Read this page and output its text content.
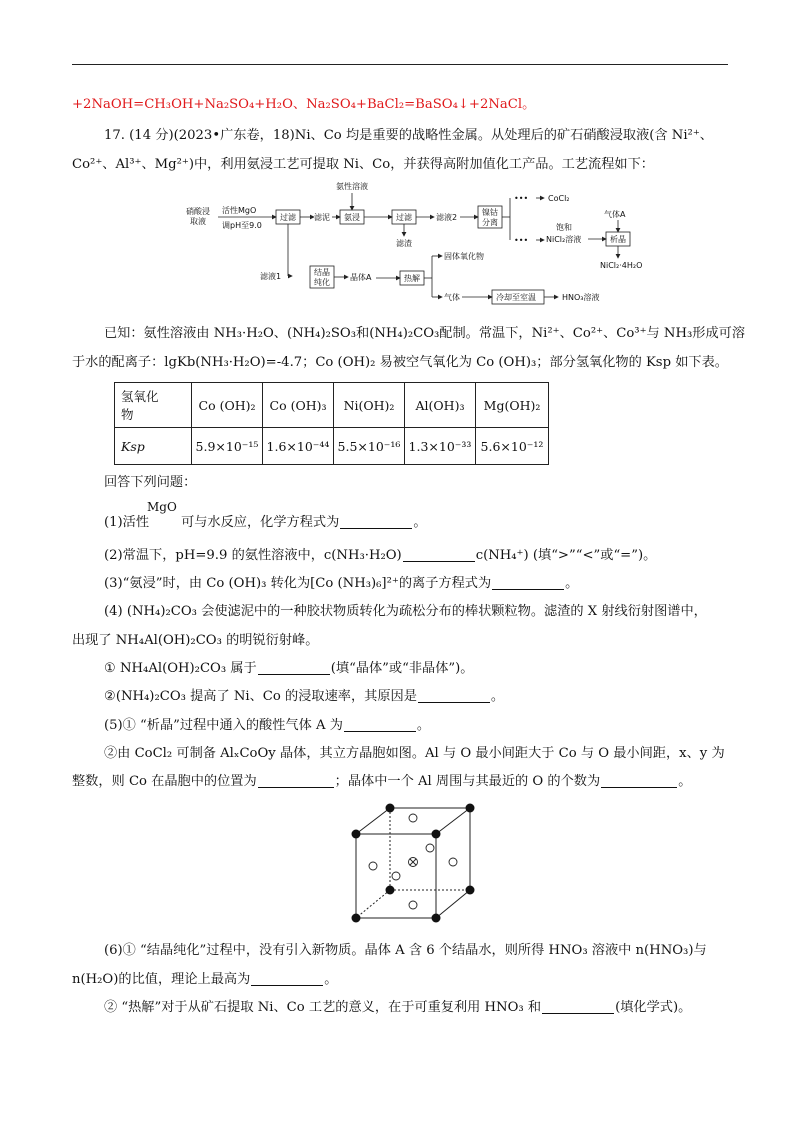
+2NaOH=CH₃OH+Na₂SO₄+H₂O、Na₂SO₄+BaCl₂=BaSO₄↓+2NaCl。
17. (14 分)(2023•广东卷，18)Ni、Co 均是重要的战略性金属。从处理后的矿石硝酸浸取液(含 Ni²⁺、
Co²⁺、Al³⁺、Mg²⁺)中，利用氨浸工艺可提取 Ni、Co，并获得高附加值化工产品。工艺流程如下：
硝酸浸
取液
活性MgO
调pH至9.0
过滤 滤泥
氨性溶液
氨浸	过滤	滤液2
镍钴
分离
•••
•••
CoCl₂
饱和
NiCl₂溶液
气体A
析晶
NiCl₂·4H₂O
滤渣
滤液1	结晶
纯化
晶体A	热解
固体氧化物
气体	冷却至室温	HNO₃溶液
已知：氨性溶液由 NH₃·H₂O、(NH₄)₂SO₃和(NH₄)₂CO₃配制。常温下，Ni²⁺、Co²⁺、Co³⁺与 NH₃形成可溶
于水的配离子：lgKb(NH₃·H₂O)=-4.7；Co (OH)₂ 易被空气氧化为 Co (OH)₃；部分氢氧化物的 Ksp 如下表。
氢氧化
物	Co (OH)₂	Co (OH)₃	Ni(OH)₂	Al(OH)₃	Mg(OH)₂
Ksp	5.9×10⁻¹⁵	1.6×10⁻⁴⁴	5.5×10⁻¹⁶	1.3×10⁻³³	5.6×10⁻¹²
回答下列问题：
MgO
(1)活性 可与水反应，化学方程式为	。
(2)常温下，pH=9.9 的氨性溶液中，c(NH₃·H₂O)	c(NH₄⁺) (填“>”“<”或“=”)。
(3)“氨浸”时，由 Co (OH)₃ 转化为[Co (NH₃)₆]²⁺的离子方程式为	。
(4) (NH₄)₂CO₃ 会使滤泥中的一种胶状物质转化为疏松分布的棒状颗粒物。滤渣的 X 射线衍射图谱中，
出现了 NH₄Al(OH)₂CO₃ 的明锐衍射峰。
① NH₄Al(OH)₂CO₃ 属于	(填“晶体”或“非晶体”)。
②(NH₄)₂CO₃ 提高了 Ni、Co 的浸取速率，其原因是	。
(5)① “析晶”过程中通入的酸性气体 A 为	。
②由 CoCl₂ 可制备 AlₓCoOy 晶体，其立方晶胞如图。Al 与 O 最小间距大于 Co 与 O 最小间距，x、y 为
整数，则 Co 在晶胞中的位置为	；晶体中一个 Al 周围与其最近的 O 的个数为	。
(6)① “结晶纯化”过程中，没有引入新物质。晶体 A 含 6 个结晶水，则所得 HNO₃ 溶液中 n(HNO₃)与
n(H₂O)的比值，理论上最高为	。
② “热解”对于从矿石提取 Ni、Co 工艺的意义，在于可重复利用 HNO₃ 和	(填化学式)。
